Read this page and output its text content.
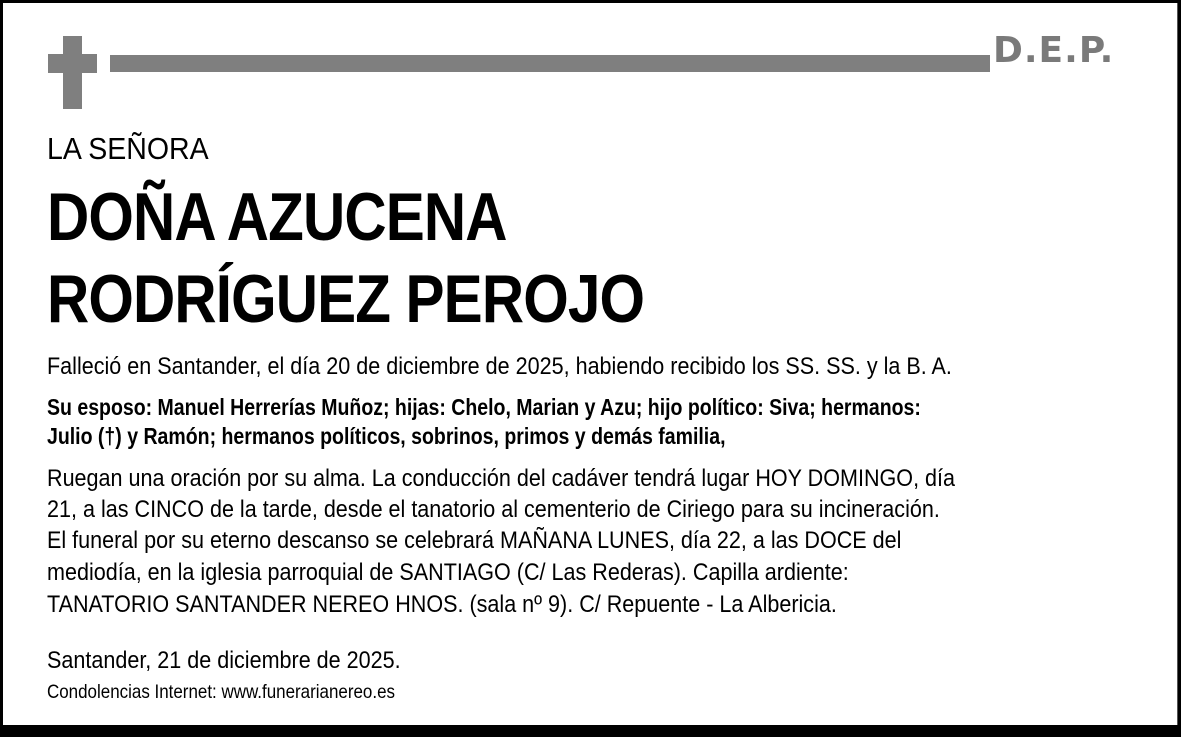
D.E.P.
LA SEÑORA
DOÑA AZUCENA
RODRÍGUEZ PEROJO
Falleció en Santander, el día 20 de diciembre de 2025, habiendo recibido los SS. SS. y la B. A.
Su esposo: Manuel Herrerías Muñoz; hijas: Chelo, Marian y Azu; hijo político: Siva; hermanos:
Julio (†) y Ramón; hermanos políticos, sobrinos, primos y demás familia,
Ruegan una oración por su alma. La conducción del cadáver tendrá lugar HOY DOMINGO, día
21, a las CINCO de la tarde, desde el tanatorio al cementerio de Ciriego para su incineración.
El funeral por su eterno descanso se celebrará MAÑANA LUNES, día 22, a las DOCE del
mediodía, en la iglesia parroquial de SANTIAGO (C/ Las Rederas). Capilla ardiente:
TANATORIO SANTANDER NEREO HNOS. (sala nº 9). C/ Repuente - La Albericia.
Santander, 21 de diciembre de 2025.
Condolencias Internet: www.funerarianereo.es
